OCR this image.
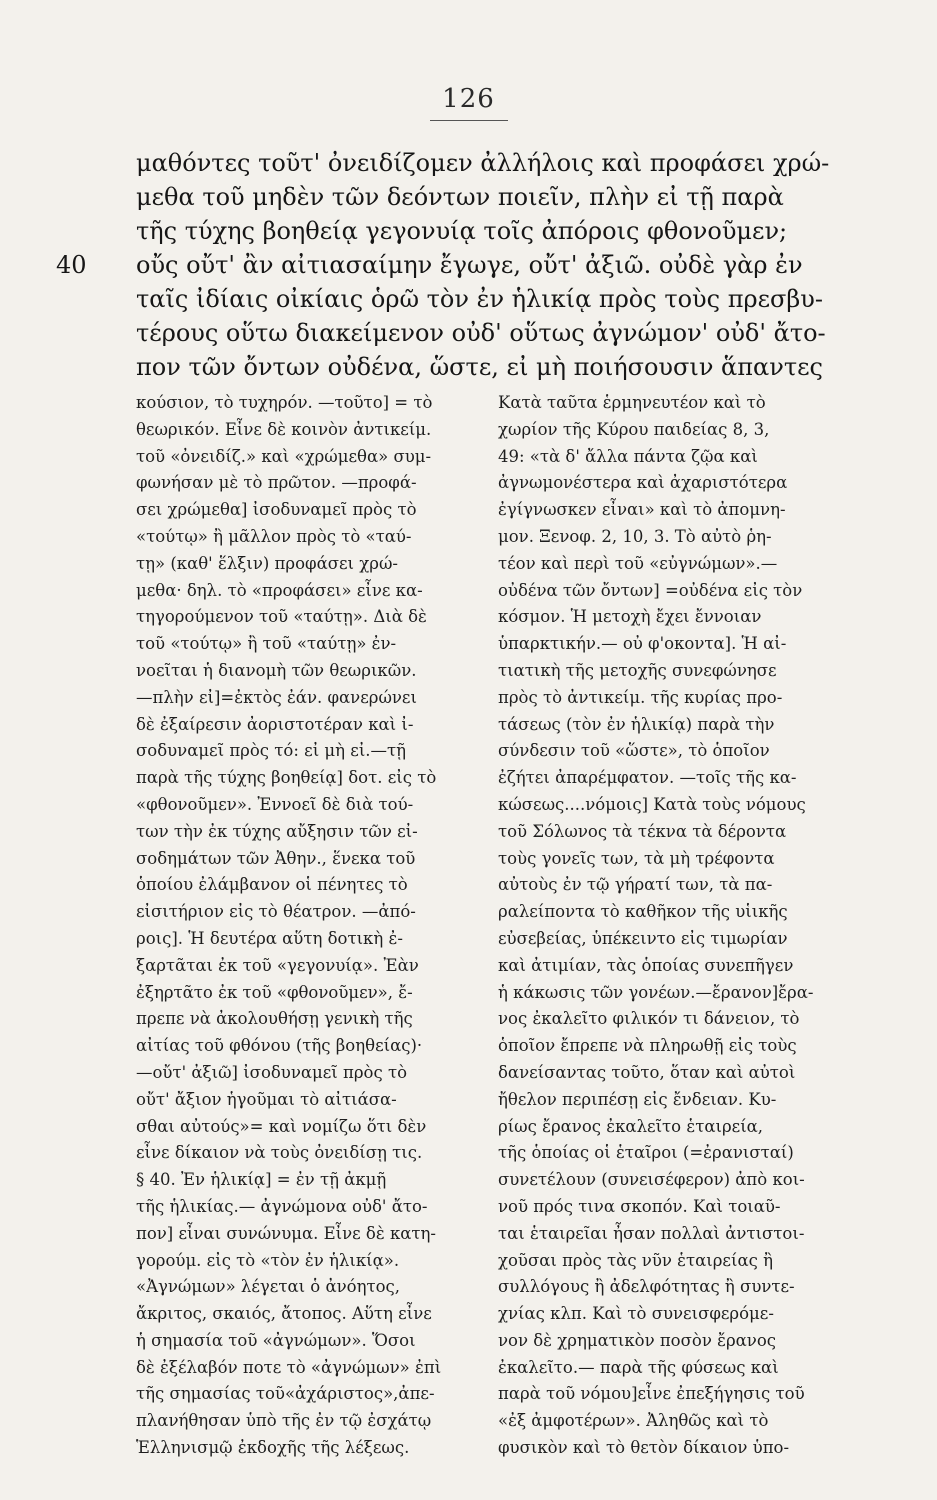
126
μαθόντες τοῦτ' ὀνειδίζομεν ἀλλήλοις καὶ προφάσει χρώ-
μεθα τοῦ μηδὲν τῶν δεόντων ποιεῖν, πλὴν εἰ τῇ παρὰ
τῆς τύχης βοηθείᾳ γεγονυίᾳ τοῖς ἀπόροις φθονοῦμεν;
40 οὔς οὔτ' ἂν αἰτιασαίμην ἔγωγε, οὔτ' ἀξιῶ. οὐδὲ γὰρ ἐν
ταῖς ἰδίαις οἰκίαις ὁρῶ τὸν ἐν ἡλικίᾳ πρὸς τοὺς πρεσβυ-
τέρους οὕτω διακείμενον οὐδ' οὕτως ἀγνώμον' οὐδ' ἄτο-
πον τῶν ὄντων οὐδένα, ὥστε, εἰ μὴ ποιήσουσιν ἅπαντες
κούσιον, τὸ τυχηρόν. —τοῦτο] = τὸ
θεωρικόν. Εἶνε δὲ κοινὸν ἀντικείμ.
τοῦ «ὀνειδίζ.» καὶ «χρώμεθα» συμ-
φωνήσαν μὲ τὸ πρῶτον. —προφά-
σει χρώμεθα] ἰσοδυναμεῖ πρὸς τὸ
«τούτῳ» ἢ μᾶλλον πρὸς τὸ «ταύ-
τῃ» (καθ' ἕλξιν) προφάσει χρώ-
μεθα· δηλ. τὸ «προφάσει» εἶνε κα-
τηγορούμενον τοῦ «ταύτῃ». Διὰ δὲ
τοῦ «τούτῳ» ἢ τοῦ «ταύτῃ» ἐν-
νοεῖται ἡ διανομὴ τῶν θεωρικῶν.
—πλὴν εἰ]=ἐκτὸς ἐάν. φανερώνει
δὲ ἐξαίρεσιν ἀοριστοτέραν καὶ ἰ-
σοδυναμεῖ πρὸς τό: εἰ μὴ εἰ.—τῇ
παρὰ τῆς τύχης βοηθείᾳ] δοτ. εἰς τὸ
«φθονοῦμεν». Ἐννοεῖ δὲ διὰ τού-
των τὴν ἐκ τύχης αὔξησιν τῶν εἰ-
σοδημάτων τῶν Ἀθην., ἕνεκα τοῦ
ὁποίου ἐλάμβανον οἱ πένητες τὸ
εἰσιτήριον εἰς τὸ θέατρον. —ἀπό-
ροις]. Ἡ δευτέρα αὕτη δοτικὴ ἐ-
ξαρτᾶται ἐκ τοῦ «γεγονυίᾳ». Ἐὰν
ἐξηρτᾶτο ἐκ τοῦ «φθονοῦμεν», ἔ-
πρεπε νὰ ἀκολουθήσῃ γενικὴ τῆς
αἰτίας τοῦ φθόνου (τῆς βοηθείας)·
—οὔτ' ἀξιῶ] ἰσοδυναμεῖ πρὸς τὸ
οὔτ' ἄξιον ἡγοῦμαι τὸ αἰτιάσα-
σθαι αὐτούς»= καὶ νομίζω ὅτι δὲν
εἶνε δίκαιον νὰ τοὺς ὀνειδίσῃ τις.
§ 40. Ἐν ἡλικίᾳ] = ἐν τῇ ἀκμῇ
τῆς ἡλικίας.— ἀγνώμονα οὐδ' ἄτο-
πον] εἶναι συνώνυμα. Εἶνε δὲ κατη-
γορούμ. εἰς τὸ «τὸν ἐν ἡλικίᾳ».
«Ἀγνώμων» λέγεται ὁ ἀνόητος,
ἄκριτος, σκαιός, ἄτοπος. Αὕτη εἶνε
ἡ σημασία τοῦ «ἀγνώμων». Ὅσοι
δὲ ἐξέλαβόν ποτε τὸ «ἀγνώμων» ἐπὶ
τῆς σημασίας τοῦ«ἀχάριστος»,ἀπε-
πλανήθησαν ὑπὸ τῆς ἐν τῷ ἐσχάτῳ
Ἑλληνισμῷ ἐκδοχῆς τῆς λέξεως.
Κατὰ ταῦτα ἑρμηνευτέον καὶ τὸ
χωρίον τῆς Κύρου παιδείας 8, 3,
49: «τὰ δ' ἄλλα πάντα ζῷα καὶ
ἀγνωμονέστερα καὶ ἀχαριστότερα
ἐγίγνωσκεν εἶναι» καὶ τὸ ἀπομνη-
μον. Ξενοφ. 2, 10, 3. Τὸ αὐτὸ ῥη-
τέον καὶ περὶ τοῦ «εὐγνώμων».—
οὐδένα τῶν ὄντων] =οὐδένα εἰς τὸν
κόσμον. Ἡ μετοχὴ ἔχει ἔννοιαν
ὑπαρκτικήν.— οὐ φ'οκοντα]. Ἡ αἰ-
τιατικὴ τῆς μετοχῆς συνεφώνησε
πρὸς τὸ ἀντικείμ. τῆς κυρίας προ-
τάσεως (τὸν ἐν ἡλικίᾳ) παρὰ τὴν
σύνδεσιν τοῦ «ὥστε», τὸ ὁποῖον
ἐζήτει ἀπαρέμφατον. —τοῖς τῆς κα-
κώσεως....νόμοις] Κατὰ τοὺς νόμους
τοῦ Σόλωνος τὰ τέκνα τὰ δέροντα
τοὺς γονεῖς των, τὰ μὴ τρέφοντα
αὐτοὺς ἐν τῷ γήρατί των, τὰ πα-
ραλείποντα τὸ καθῆκον τῆς υἱικῆς
εὐσεβείας, ὑπέκειντο εἰς τιμωρίαν
καὶ ἀτιμίαν, τὰς ὁποίας συνεπῆγεν
ἡ κάκωσις τῶν γονέων.—ἔρανον]ἔρα-
νος ἐκαλεῖτο φιλικόν τι δάνειον, τὸ
ὁποῖον ἔπρεπε νὰ πληρωθῇ εἰς τοὺς
δανείσαντας τοῦτο, ὅταν καὶ αὐτοὶ
ἤθελον περιπέσῃ εἰς ἔνδειαν. Κυ-
ρίως ἔρανος ἐκαλεῖτο ἑταιρεία,
τῆς ὁποίας οἱ ἑταῖροι (=ἐρανισταί)
συνετέλουν (συνεισέφερον) ἀπὸ κοι-
νοῦ πρός τινα σκοπόν. Καὶ τοιαῦ-
ται ἑταιρεῖαι ἦσαν πολλαὶ ἀντιστοι-
χοῦσαι πρὸς τὰς νῦν ἑταιρείας ἢ
συλλόγους ἢ ἀδελφότητας ἢ συντε-
χνίας κλπ. Καὶ τὸ συνεισφερόμε-
νον δὲ χρηματικὸν ποσὸν ἔρανος
ἐκαλεῖτο.— παρὰ τῆς φύσεως καὶ
παρὰ τοῦ νόμου]εἶνε ἐπεξήγησις τοῦ
«ἐξ ἀμφοτέρων». Ἀληθῶς καὶ τὸ
φυσικὸν καὶ τὸ θετὸν δίκαιον ὑπο-
